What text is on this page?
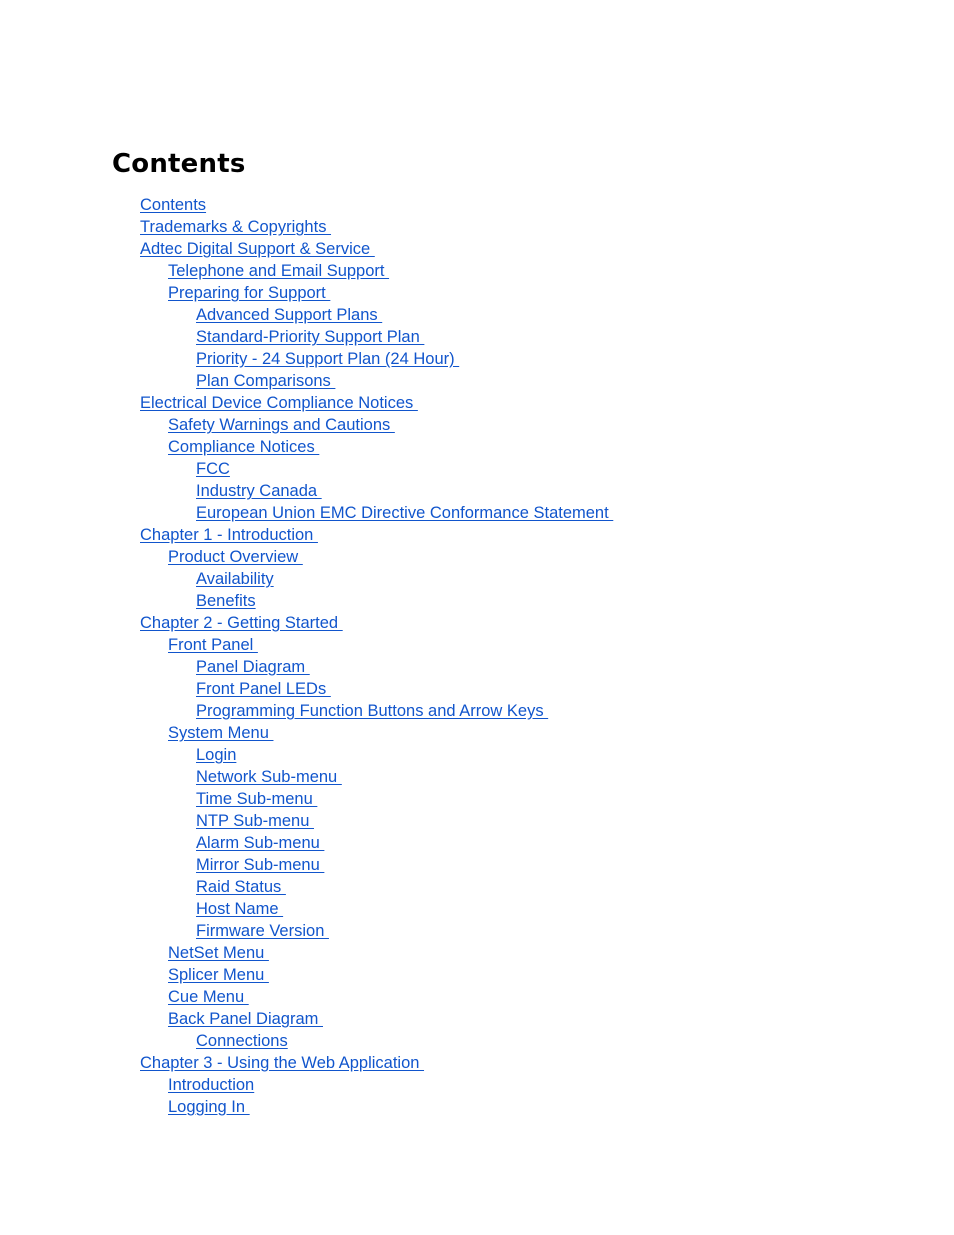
Contents
Contents
Trademarks & Copyrights
Adtec Digital Support & Service
Telephone and Email Support
Preparing for Support
Advanced Support Plans
Standard-Priority Support Plan
Priority - 24 Support Plan (24 Hour)
Plan Comparisons
Electrical Device Compliance Notices
Safety Warnings and Cautions
Compliance Notices
FCC
Industry Canada
European Union EMC Directive Conformance Statement
Chapter 1 - Introduction
Product Overview
Availability
Benefits
Chapter 2 - Getting Started
Front Panel
Panel Diagram
Front Panel LEDs
Programming Function Buttons and Arrow Keys
System Menu
Login
Network Sub-menu
Time Sub-menu
NTP Sub-menu
Alarm Sub-menu
Mirror Sub-menu
Raid Status
Host Name
Firmware Version
NetSet Menu
Splicer Menu
Cue Menu
Back Panel Diagram
Connections
Chapter 3 - Using the Web Application
Introduction
Logging In
